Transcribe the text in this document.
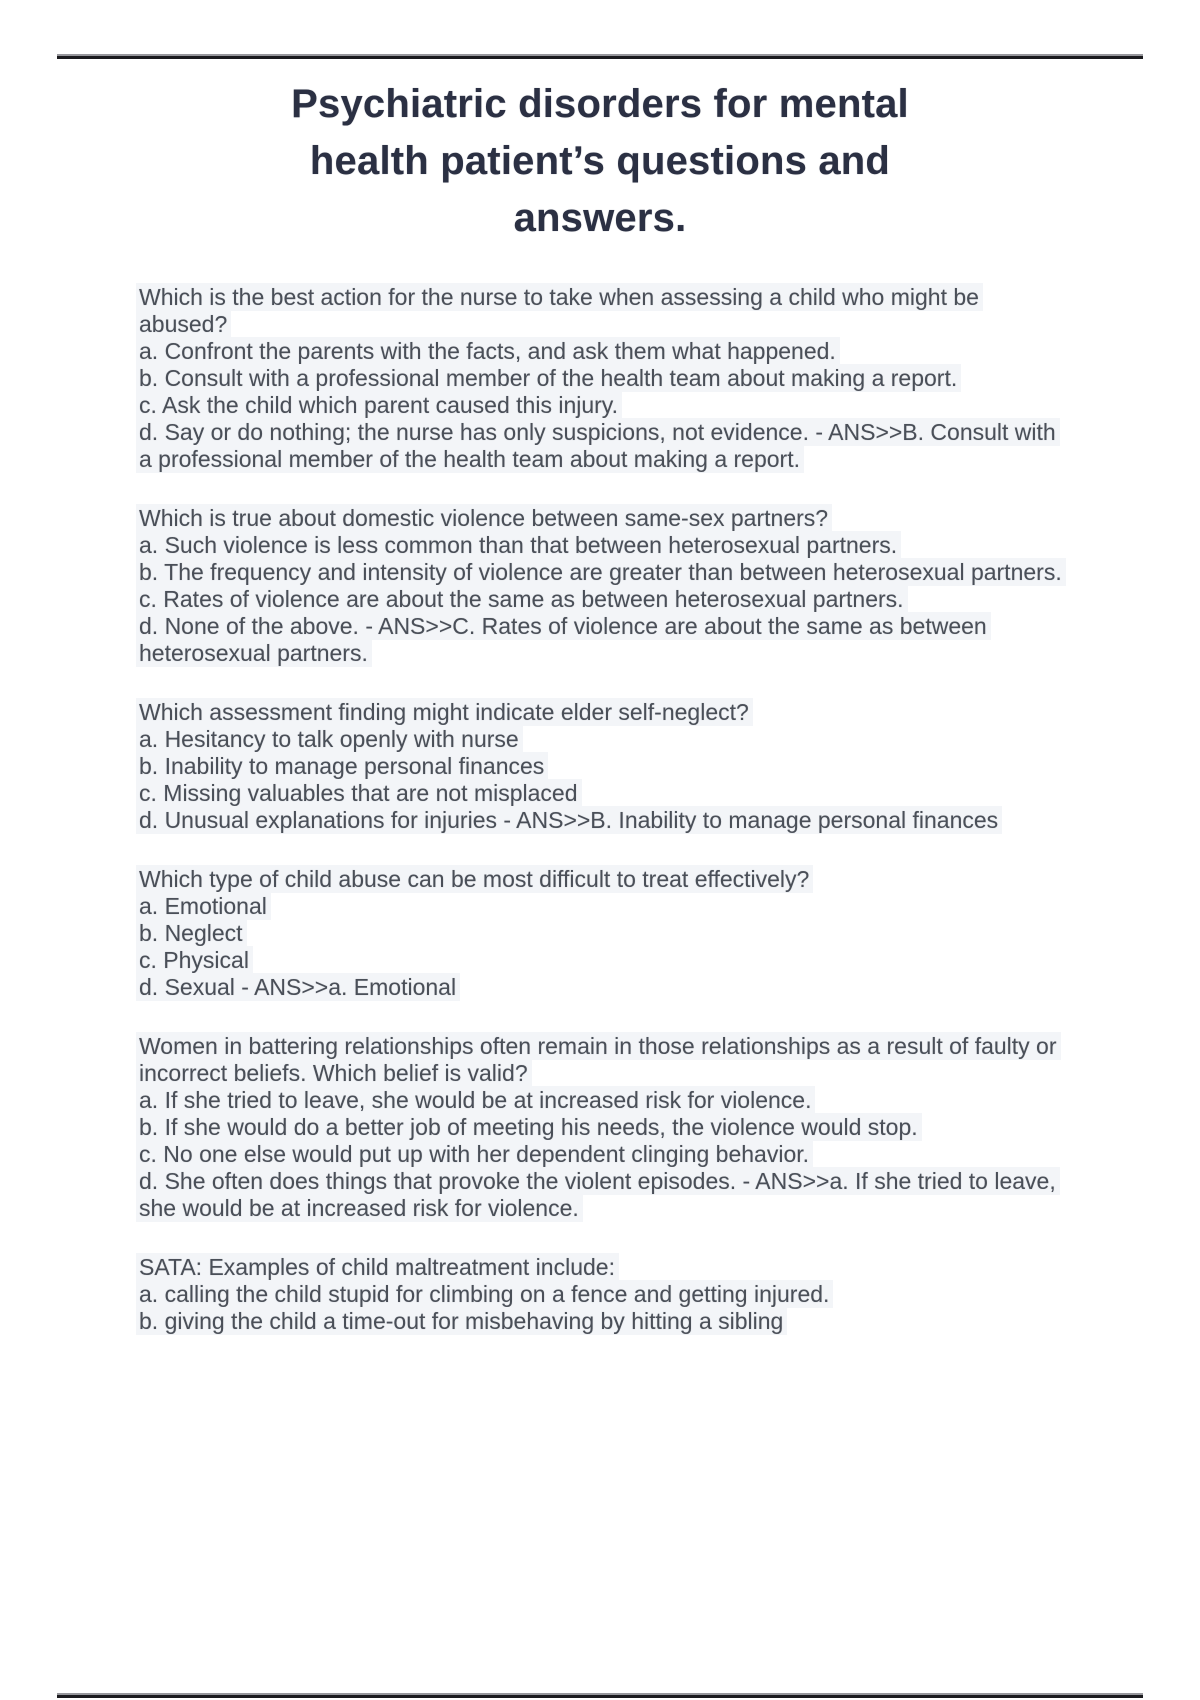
Psychiatric disorders for mental
health patient’s questions and
answers.
Which is the best action for the nurse to take when assessing a child who might be abused?
a. Confront the parents with the facts, and ask them what happened.
b. Consult with a professional member of the health team about making a report.
c. Ask the child which parent caused this injury.
d. Say or do nothing; the nurse has only suspicions, not evidence. - ANS>>B. Consult with a professional member of the health team about making a report.
Which is true about domestic violence between same-sex partners?
a. Such violence is less common than that between heterosexual partners.
b. The frequency and intensity of violence are greater than between heterosexual partners.
c. Rates of violence are about the same as between heterosexual partners.
d. None of the above. - ANS>>C. Rates of violence are about the same as between heterosexual partners.
Which assessment finding might indicate elder self-neglect?
a. Hesitancy to talk openly with nurse
b. Inability to manage personal finances
c. Missing valuables that are not misplaced
d. Unusual explanations for injuries - ANS>>B. Inability to manage personal finances
Which type of child abuse can be most difficult to treat effectively?
a. Emotional
b. Neglect
c. Physical
d. Sexual - ANS>>a. Emotional
Women in battering relationships often remain in those relationships as a result of faulty or incorrect beliefs. Which belief is valid?
a. If she tried to leave, she would be at increased risk for violence.
b. If she would do a better job of meeting his needs, the violence would stop.
c. No one else would put up with her dependent clinging behavior.
d. She often does things that provoke the violent episodes. - ANS>>a. If she tried to leave, she would be at increased risk for violence.
SATA: Examples of child maltreatment include:
a. calling the child stupid for climbing on a fence and getting injured.
b. giving the child a time-out for misbehaving by hitting a sibling
